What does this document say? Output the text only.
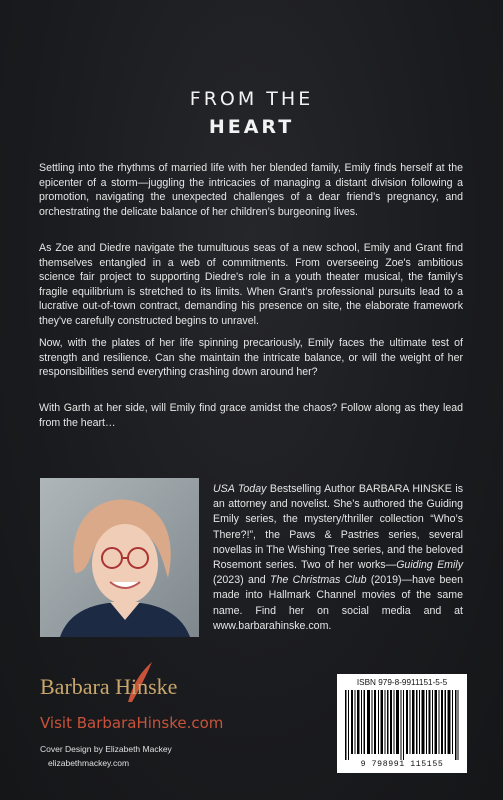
FROM THE
HEART

Settling into the rhythms of married life with her blended family, Emily finds herself at the epicenter of a storm—juggling the intricacies of managing a distant division following a promotion, navigating the unexpected challenges of a dear friend’s pregnancy, and orchestrating the delicate balance of her children’s burgeoning lives.

As Zoe and Diedre navigate the tumultuous seas of a new school, Emily and Grant find themselves entangled in a web of commitments. From overseeing Zoe's ambitious science fair project to supporting Diedre's role in a youth theater musical, the family's fragile equilibrium is stretched to its limits. When Grant’s professional pursuits lead to a lucrative out-of-town contract, demanding his presence on site, the elaborate framework they've carefully constructed begins to unravel.

Now, with the plates of her life spinning precariously, Emily faces the ultimate test of strength and resilience. Can she maintain the intricate balance, or will the weight of her responsibilities send everything crashing down around her?

With Garth at her side, will Emily find grace amidst the chaos? Follow along as they lead from the heart…

USA Today Bestselling Author BARBARA HINSKE is an attorney and novelist. She’s authored the Guiding Emily series, the mystery/thriller collection “Who’s There?!”, the Paws & Pastries series, several novellas in The Wishing Tree series, and the beloved Rosemont series. Two of her works—Guiding Emily (2023) and The Christmas Club (2019)—have been made into Hallmark Channel movies of the same name. Find her on social media and at www.barbarahinske.com.
Barbara Hinske
Visit BarbaraHinske.com
Cover Design by Elizabeth Mackey
elizabethmackey.com
ISBN 979-8-9911151-5-5
9 798991 115155
